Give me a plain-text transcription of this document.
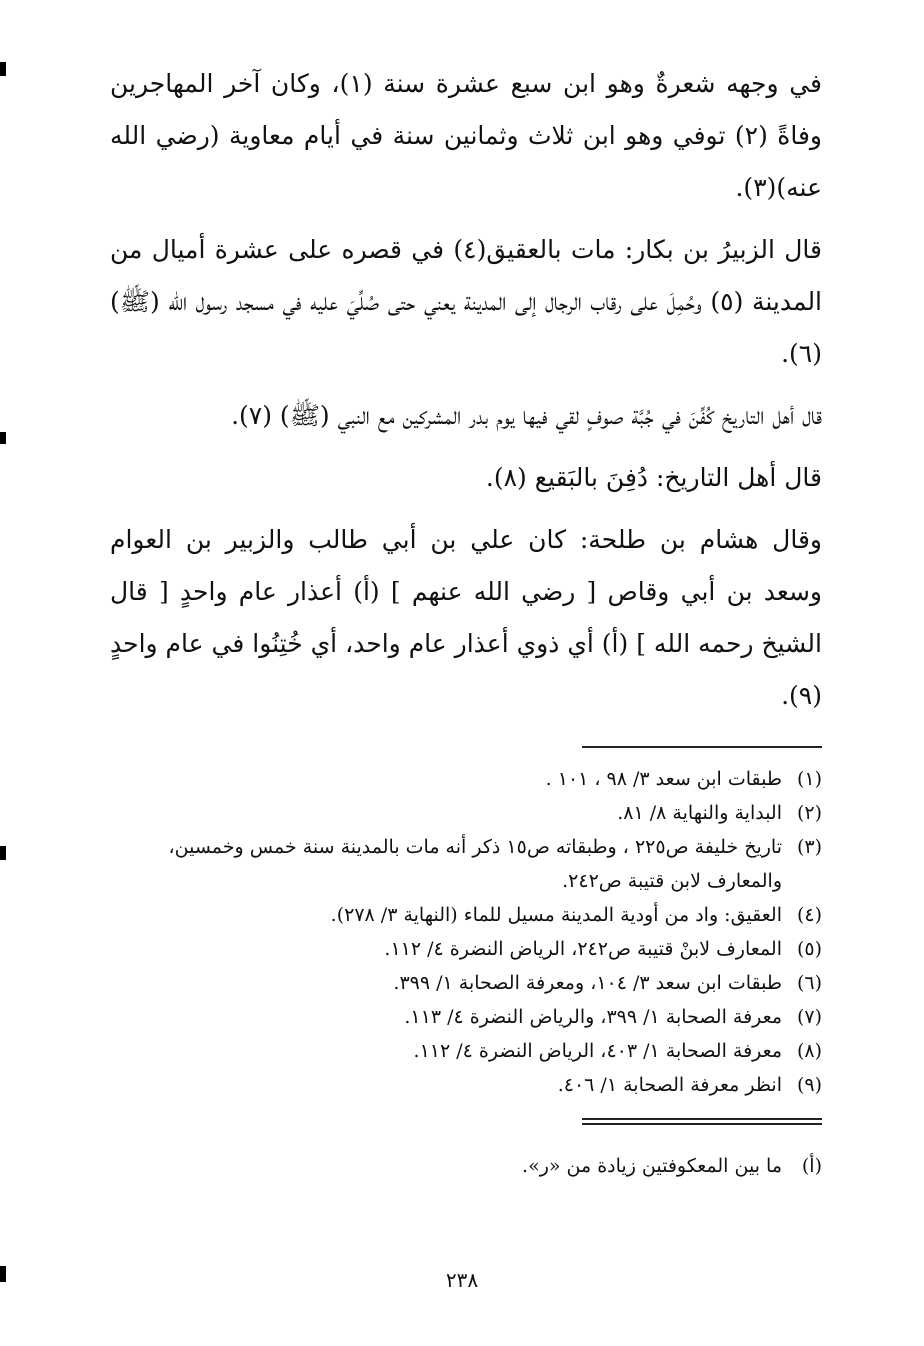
في وجهه شعرةٌ وهو ابن سبع عشرة سنة (١)، وكان آخر المهاجرين وفاةً (٢) توفي وهو ابن ثلاث وثمانين سنة في أيام معاوية (رضي الله عنه)(٣).

قال الزبيرُ بن بكار: مات بالعقيق(٤) في قصره على عشرة أميال من المدينة (٥) وحُمِلَ على رقاب الرجال إلى المدينة يعني حتى صُلِّيَ عليه في مسجد رسول الله (ﷺ) (٦).

قال أهل التاريخ كُفِّنَ في جُبَّة صوفٍ لقي فيها يوم بدر المشركين مع النبي (ﷺ) (٧).

قال أهل التاريخ: دُفِنَ بالبَقيع (٨).

وقال هشام بن طلحة: كان علي بن أبي طالب والزبير بن العوام وسعد بن أبي وقاص [ رضي الله عنهم ] (أ) أعذار عام واحدٍ [ قال الشيخ رحمه الله ] (أ) أي ذوي أعذار عام واحد، أي خُتِنُوا في عام واحدٍ (٩).

(١)
طبقات ابن سعد ٣/ ٩٨ ، ١٠١ .
(٢)
البداية والنهاية ٨/ ٨١.
(٣)
تاريخ خليفة ص٢٢٥ ، وطبقاته ص١٥ ذكر أنه مات بالمدينة سنة خمس وخمسين، والمعارف لابن قتيبة ص٢٤٢.
(٤)
العقيق: واد من أودية المدينة مسيل للماء (النهاية ٣/ ٢٧٨).
(٥)
المعارف لابنْ قتيبة ص٢٤٢، الرياض النضرة ٤/ ١١٢.
(٦)
طبقات ابن سعد ٣/ ١٠٤، ومعرفة الصحابة ١/ ٣٩٩.
(٧)
معرفة الصحابة ١/ ٣٩٩، والرياض النضرة ٤/ ١١٣.
(٨)
معرفة الصحابة ١/ ٤٠٣، الرياض النضرة ٤/ ١١٢.
(٩)
انظر معرفة الصحابة ١/ ٤٠٦.
(أ)
ما بين المعكوفتين زيادة من «ر».
٢٣٨
